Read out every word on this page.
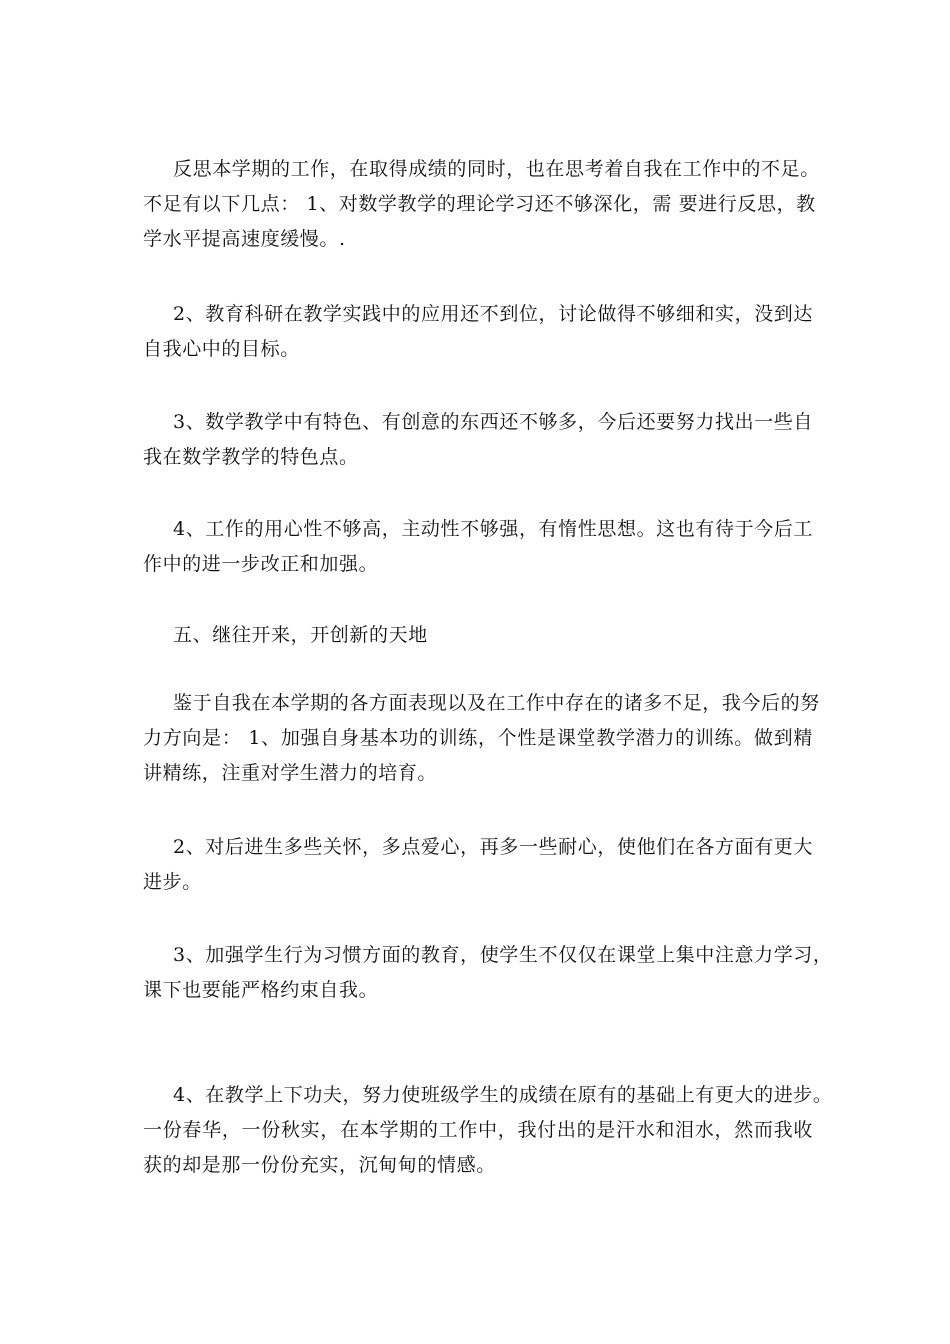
反思本学期的工作，在取得成绩的同时，也在思考着自我在工作中的不足。
不足有以下几点： 1、对数学教学的理论学习还不够深化，需 要进行反思，教
学水平提高速度缓慢。.
2、教育科研在教学实践中的应用还不到位，讨论做得不够细和实，没到达
自我心中的目标。
3、数学教学中有特色、有创意的东西还不够多，今后还要努力找出一些自
我在数学教学的特色点。
4、工作的用心性不够高，主动性不够强，有惰性思想。这也有待于今后工
作中的进一步改正和加强。
五、继往开来，开创新的天地
鉴于自我在本学期的各方面表现以及在工作中存在的诸多不足，我今后的努
力方向是： 1、加强自身基本功的训练，个性是课堂教学潜力的训练。做到精
讲精练，注重对学生潜力的培育。
2、对后进生多些关怀，多点爱心，再多一些耐心，使他们在各方面有更大
进步。
3、加强学生行为习惯方面的教育，使学生不仅仅在课堂上集中注意力学习，
课下也要能严格约束自我。
4、在教学上下功夫，努力使班级学生的成绩在原有的基础上有更大的进步。
一份春华，一份秋实，在本学期的工作中，我付出的是汗水和泪水，然而我收
获的却是那一份份充实，沉甸甸的情感。
